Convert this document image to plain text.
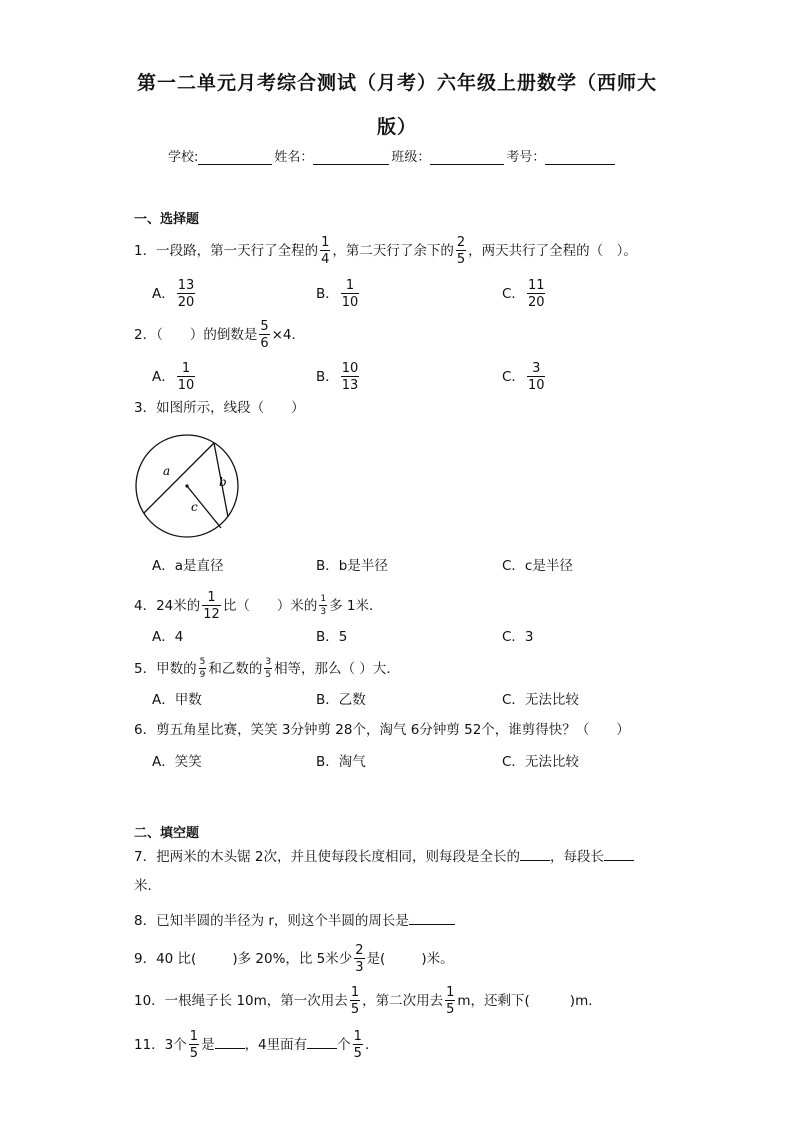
第一二单元月考综合测试（月考）六年级上册数学（西师大
版）
学校:	姓名：	班级：	考号：
一、选择题
1．一段路，第一天行了全程的 $\frac{1}{4}$ ，第二天行了余下的 $\frac{2}{5}$ ，两天共行了全程的（　）。
A． $\frac{13}{20}$	B． $\frac{1}{10}$	C． $\frac{11}{20}$
2．（　　）的倒数是 $\frac{5}{6} \times 4$．
A． $\frac{1}{10}$	B． $\frac{10}{13}$	C． $\frac{3}{10}$
3．如图所示，线段（　　）
a
b
c
A．a是直径	B．b是半径	C．c是半径
4．24米的 $\frac{1}{12}$ 比（　　）米的 $\frac{1}{3}$ 多 1米．
A．4	B．5	C．3
5．甲数的 $\frac{5}{9}$ 和乙数的 $\frac{3}{5}$ 相等，那么（ ）大．
A．甲数	B．乙数	C．无法比较
6．剪五角星比赛，笑笑 3分钟剪 28个，淘气 6分钟剪 52个，谁剪得快？（　　）
A．笑笑	B．淘气	C．无法比较
二、填空题
7．把两米的木头锯 2次，并且使每段长度相同，则每段是全长的 ，每段长
米．
8．已知半圆的半径为 r，则这个半圆的周长是
9．40 比(	)多 20%，比 5米少 $\frac{2}{3}$ 是(	)米。
10．一根绳子长 10m，第一次用去 $\frac{1}{5}$ ，第二次用去 $\frac{1}{5}$ m，还剩下(	)m．
11．3个 $\frac{1}{5}$ 是 ，4里面有 个 $\frac{1}{5}$ ．
